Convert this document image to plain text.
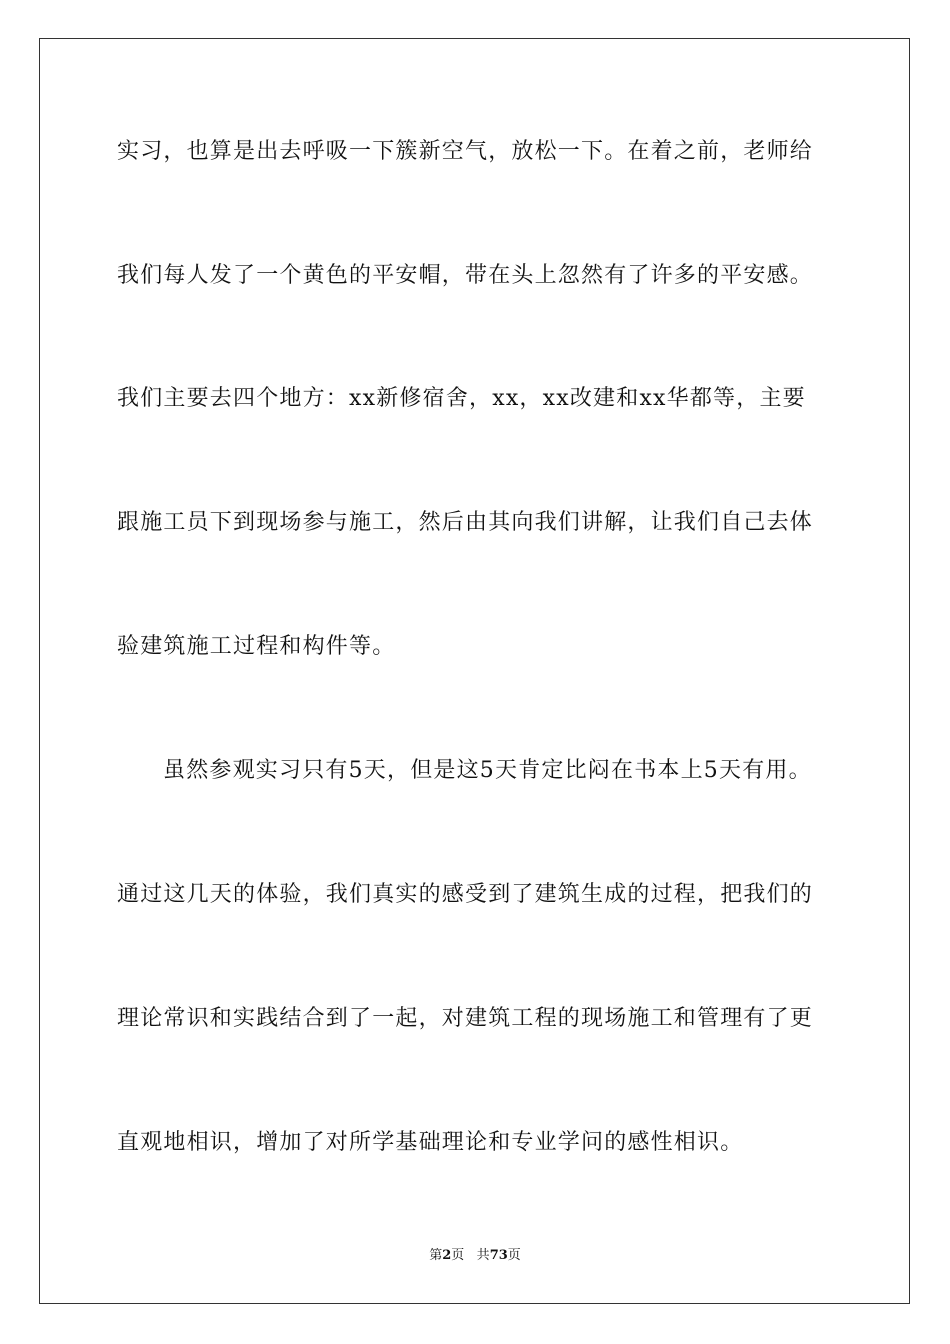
实习，也算是出去呼吸一下簇新空气，放松一下。在着之前，老师给
我们每人发了一个黄色的平安帽，带在头上忽然有了许多的平安感。
我们主要去四个地方：xx新修宿舍，xx，xx改建和xx华都等，主要
跟施工员下到现场参与施工，然后由其向我们讲解，让我们自己去体
验建筑施工过程和构件等。
虽然参观实习只有5天，但是这5天肯定比闷在书本上5天有用。
通过这几天的体验，我们真实的感受到了建筑生成的过程，把我们的
理论常识和实践结合到了一起，对建筑工程的现场施工和管理有了更
直观地相识，增加了对所学基础理论和专业学问的感性相识。
第2页 共73页
